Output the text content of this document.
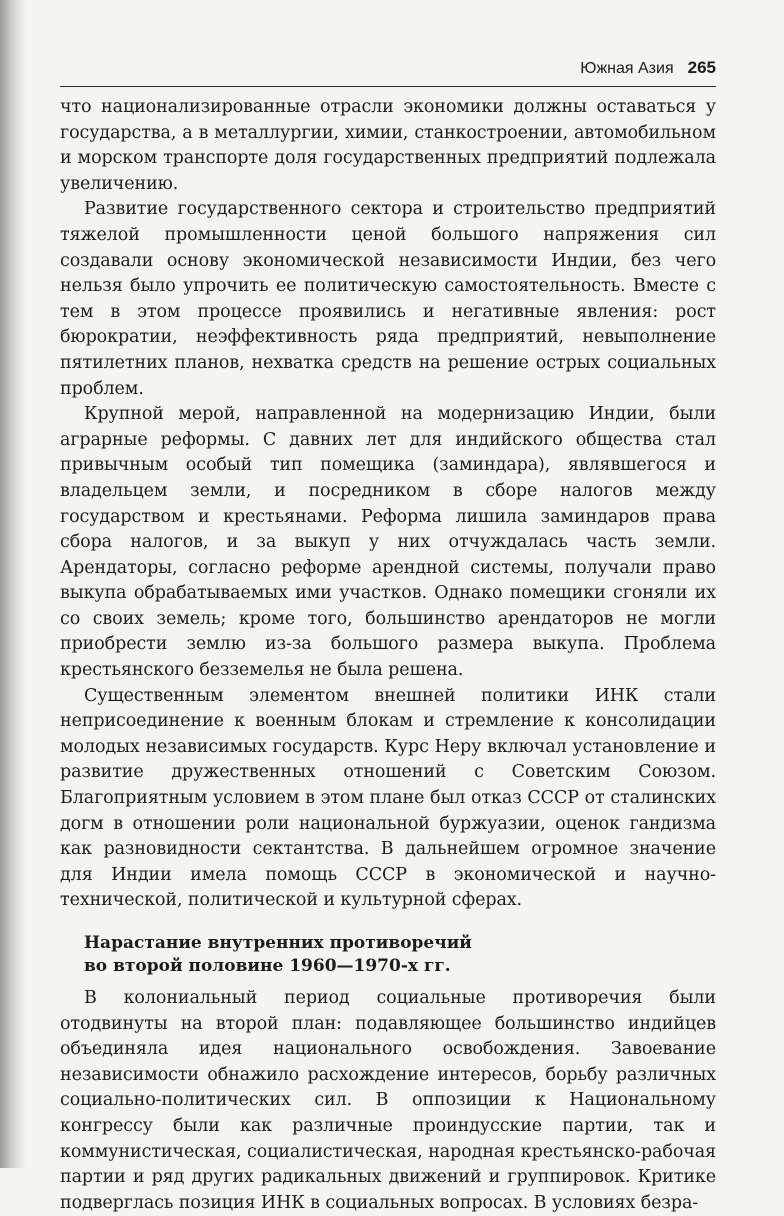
Южная Азия 265

что национализированные отрасли экономики должны оставаться у государства, а в металлургии, химии, станкостроении, автомобильном и морском транспорте доля государственных предприятий подлежала увеличению.

Развитие государственного сектора и строительство предприятий тяжелой промышленности ценой большого напряжения сил создавали основу экономической независимости Индии, без чего нельзя было упрочить ее политическую самостоятельность. Вместе с тем в этом процессе проявились и негативные явления: рост бюрократии, неэффективность ряда предприятий, невыполнение пятилетних планов, нехватка средств на решение острых социальных проблем.

Крупной мерой, направленной на модернизацию Индии, были аграрные реформы. С давних лет для индийского общества стал привычным особый тип помещика (заминдара), являвшегося и владельцем земли, и посредником в сборе налогов между государством и крестьянами. Реформа лишила заминдаров права сбора налогов, и за выкуп у них отчуждалась часть земли. Арендаторы, согласно реформе арендной системы, получали право выкупа обрабатываемых ими участков. Однако помещики сгоняли их со своих земель; кроме того, большинство арендаторов не могли приобрести землю из-за большого размера выкупа. Проблема крестьянского безземелья не была решена.

Существенным элементом внешней политики ИНК стали неприсоединение к военным блокам и стремление к консолидации молодых независимых государств. Курс Неру включал установление и развитие дружественных отношений с Советским Союзом. Благоприятным условием в этом плане был отказ СССР от сталинских догм в отношении роли национальной буржуазии, оценок гандизма как разновидности сектантства. В дальнейшем огромное значение для Индии имела помощь СССР в экономической и научно-технической, политической и культурной сферах.

Нарастание внутренних противоречий
во второй половине 1960—1970-х гг.

В колониальный период социальные противоречия были отодвинуты на второй план: подавляющее большинство индийцев объединяла идея национального освобождения. Завоевание независимости обнажило расхождение интересов, борьбу различных социально-политических сил. В оппозиции к Национальному конгрессу были как различные проиндусские партии, так и коммунистическая, социалистическая, народная крестьянско-рабочая партии и ряд других радикальных движений и группировок. Критике подверглась позиция ИНК в социальных вопросах. В условиях безра-
